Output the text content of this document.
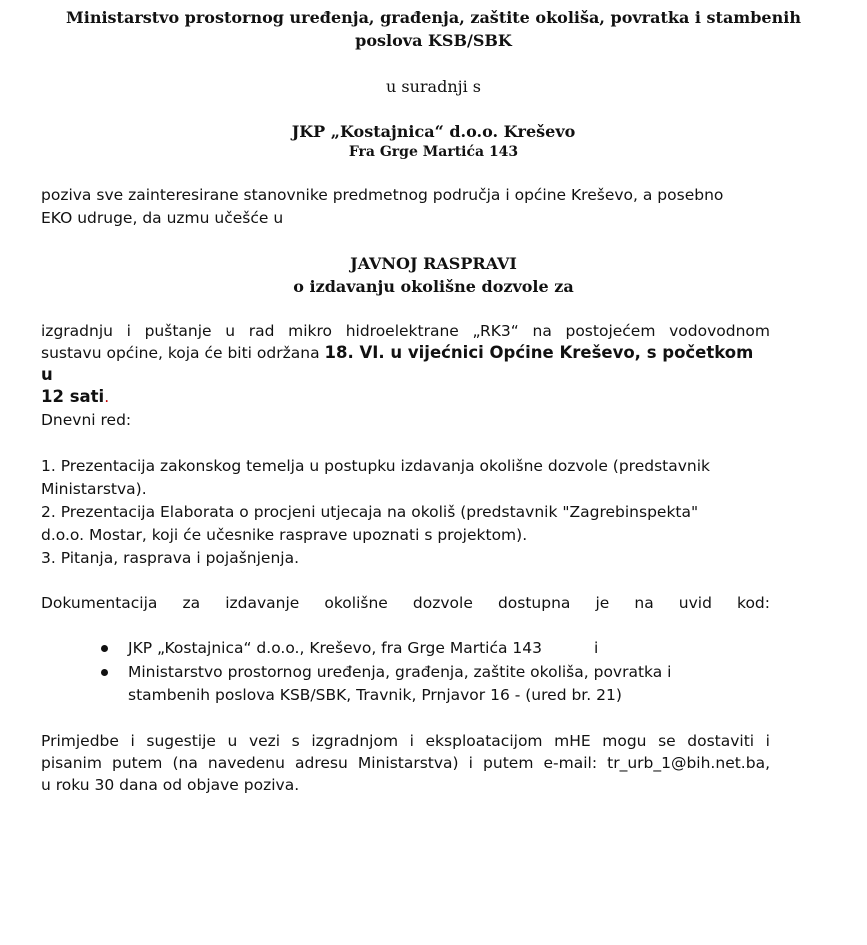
Ministarstvo prostornog uređenja, građenja, zaštite okoliša, povratka i stambenih
poslova KSB/SBK
u suradnji s
JKP „Kostajnica“ d.o.o. Kreševo
Fra Grge Martića 143
poziva sve zainteresirane stanovnike predmetnog područja i općine Kreševo, a posebno
EKO udruge, da uzmu učešće u
JAVNOJ RASPRAVI
o izdavanju okolišne dozvole za
izgradnju i puštanje u rad mikro hidroelektrane „RK3“ na postojećem vodovodnom
sustavu općine, koja će biti održana 18. VI. u vijećnici Općine Kreševo, s početkom u
12 sati.
Dnevni red:
1. Prezentacija zakonskog temelja u postupku izdavanja okolišne dozvole (predstavnik
Ministarstva).
2. Prezentacija Elaborata o procjeni utjecaja na okoliš (predstavnik "Zagrebinspekta"
d.o.o. Mostar, koji će učesnike rasprave upoznati s projektom).
3. Pitanja, rasprava i pojašnjenja.
Dokumentacija za izdavanje okolišne dozvole dostupna je na uvid kod:
JKP „Kostajnica“ d.o.o., Kreševo, fra Grge Martića 143	i
Ministarstvo prostornog uređenja, građenja, zaštite okoliša, povratka i
stambenih poslova KSB/SBK, Travnik, Prnjavor 16 - (ured br. 21)
Primjedbe i sugestije u vezi s izgradnjom i eksploatacijom mHE mogu se dostaviti i
pisanim putem (na navedenu adresu Ministarstva) i putem e-mail: tr_urb_1@bih.net.ba,
u roku 30 dana od objave poziva.
